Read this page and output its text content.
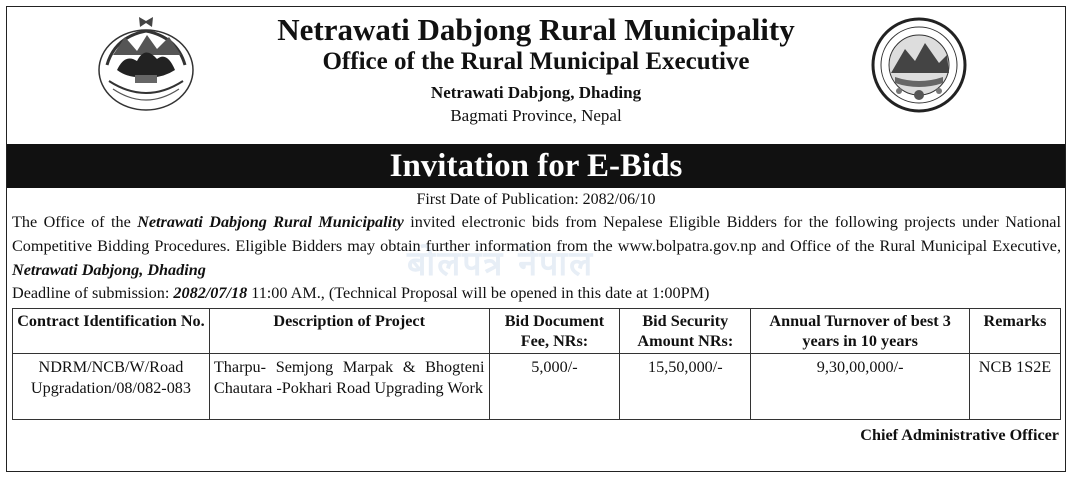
बोलपत्र नेपाल
Netrawati Dabjong Rural Municipality
Office of the Rural Municipal Executive
Netrawati Dabjong, Dhading
Bagmati Province, Nepal
Invitation for E-Bids
First Date of Publication: 2082/06/10
The Office of the Netrawati Dabjong Rural Municipality invited electronic bids from Nepalese Eligible Bidders for the following projects under National Competitive Bidding Procedures. Eligible Bidders may obtain further information from the www.bolpatra.gov.np and Office of the Rural Municipal Executive, Netrawati Dabjong, Dhading
Deadline of submission: 2082/07/18 11:00 AM., (Technical Proposal will be opened in this date at 1:00PM)
Contract Identification No.	Description of Project	Bid Document Fee, NRs:	Bid Security Amount NRs:	Annual Turnover of best 3 years in 10 years	Remarks
NDRM/NCB/W/Road Upgradation/08/082-083	Tharpu- Semjong Marpak & Bhogteni Chautara -Pokhari Road Upgrading Work	5,000/-	15,50,000/-	9,30,00,000/-	NCB 1S2E
Chief Administrative Officer
